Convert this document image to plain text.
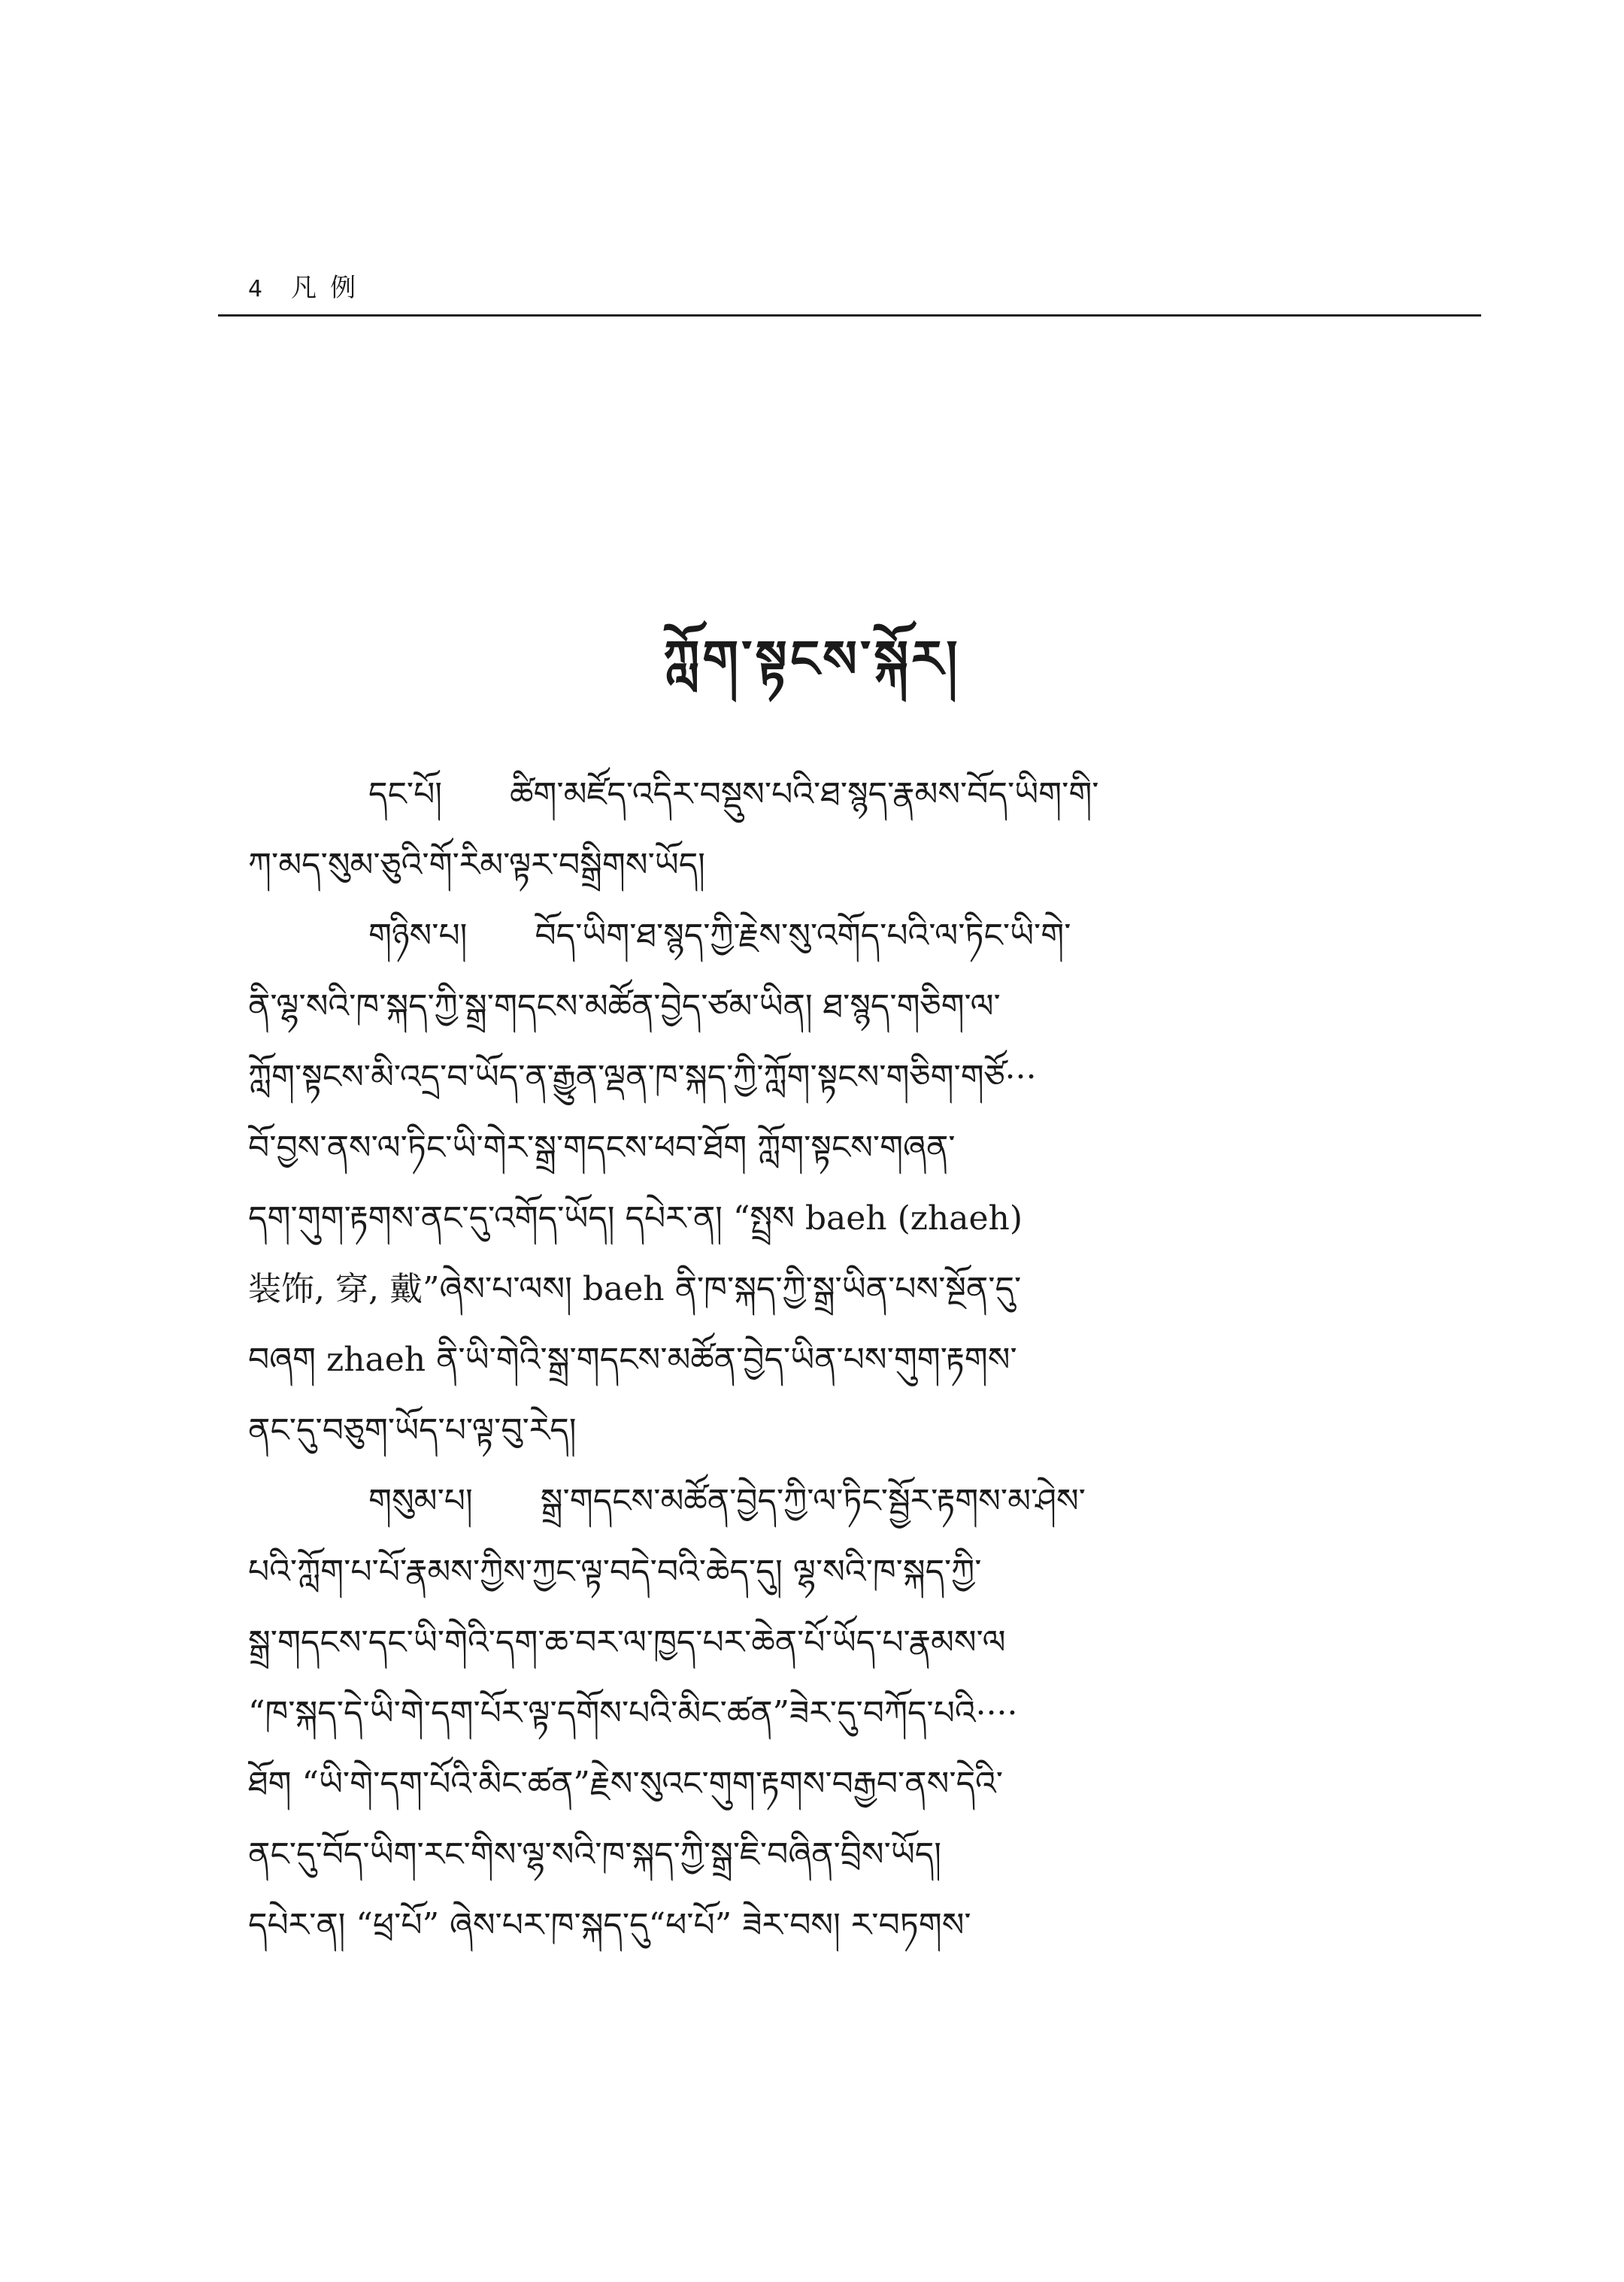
4 凡例
ཀློག་སྟངས་སྐོར།
དང་པོ། ཚིག་མཛོད་འདིར་བསྡུས་པའི་ཐ་སྙད་རྣམས་བོད་ཡིག་གི་
ཀ་མད་སུམ་ཅུའི་གོ་རིམ་ལྟར་བསྒྲིགས་ཡོད།
གཉིས་པ། བོད་ཡིག་ཐ་སྙད་ཀྱི་རྗེས་སུ་འགོད་པའི་ལ་ཏིང་ཡི་གེ་
ནི་ལྷ་སའི་ཁ་སྐད་ཀྱི་སྒྲ་གདངས་མཚོན་བྱེད་ཙམ་ཡིན། ཐ་སྙད་གཅིག་ལ་
ཀློག་སྟངས་མི་འདྲ་བ་ཡོད་ན་རྒྱུན་ལྡན་ཁ་སྐད་ཀྱི་ཀློག་སྟངས་གཅིག་གཙོ···
བོ་བྱས་ནས་ལ་ཏིང་ཡི་གེར་སྒྲ་གདངས་ཕབ་ཐོག ཀློག་སྟངས་གཞན་
དག་གུག་རྟགས་ནང་དུ་འགོད་ཡོད། དཔེར་ན། “སྤྲས baeh (zhaeh)
装饰, 穿, 戴”ཞེས་པ་ལས། baeh ནི་ཁ་སྐད་ཀྱི་སྒྲ་ཡིན་པས་སྔོན་དུ་
བཞག zhaeh ནི་ཡི་གེའི་སྒྲ་གདངས་མཚོན་བྱེད་ཡིན་པས་གུག་རྟགས་
ནང་དུ་བཅུག་ཡོད་པ་ལྟ་བུ་རེད།
གསུམ་པ། སྒྲ་གདངས་མཚོན་བྱེད་ཀྱི་ལ་ཏིང་སྦྱོར་རྟགས་མ་ཤེས་
པའི་ཀློག་པ་པོ་རྣམས་ཀྱིས་ཀྱང་ལྟ་བདེ་བའི་ཆེད་དུ། ལྷ་སའི་ཁ་སྐད་ཀྱི་
སྒྲ་གདངས་དང་ཡི་གེའི་དག་ཆ་བར་ལ་ཁྱད་པར་ཆེན་པོ་ཡོད་པ་རྣམས་ལ
“ཁ་སྐད་དེ་ཡི་གེ་དག་པོར་ལྟ་དགོས་པའི་མིང་ཚན”ཟེར་དུ་བཀོད་པའི····
ཐོག “ཡི་གེ་དག་པོའི་མིང་ཚན”རྗེས་སུའང་གུག་རྟགས་བརྒྱབ་ནས་དེའི་
ནང་དུ་བོད་ཡིག་རང་གིས་ལྷ་སའི་ཁ་སྐད་ཀྱི་སྒྲ་ཇི་བཞིན་བྲིས་ཡོད།
དཔེར་ན། “ཕྲ་པོ” ཞེས་པར་ཁ་སྐད་དུ“ཕ་པོ” ཟེར་བས། ར་བཏགས་
